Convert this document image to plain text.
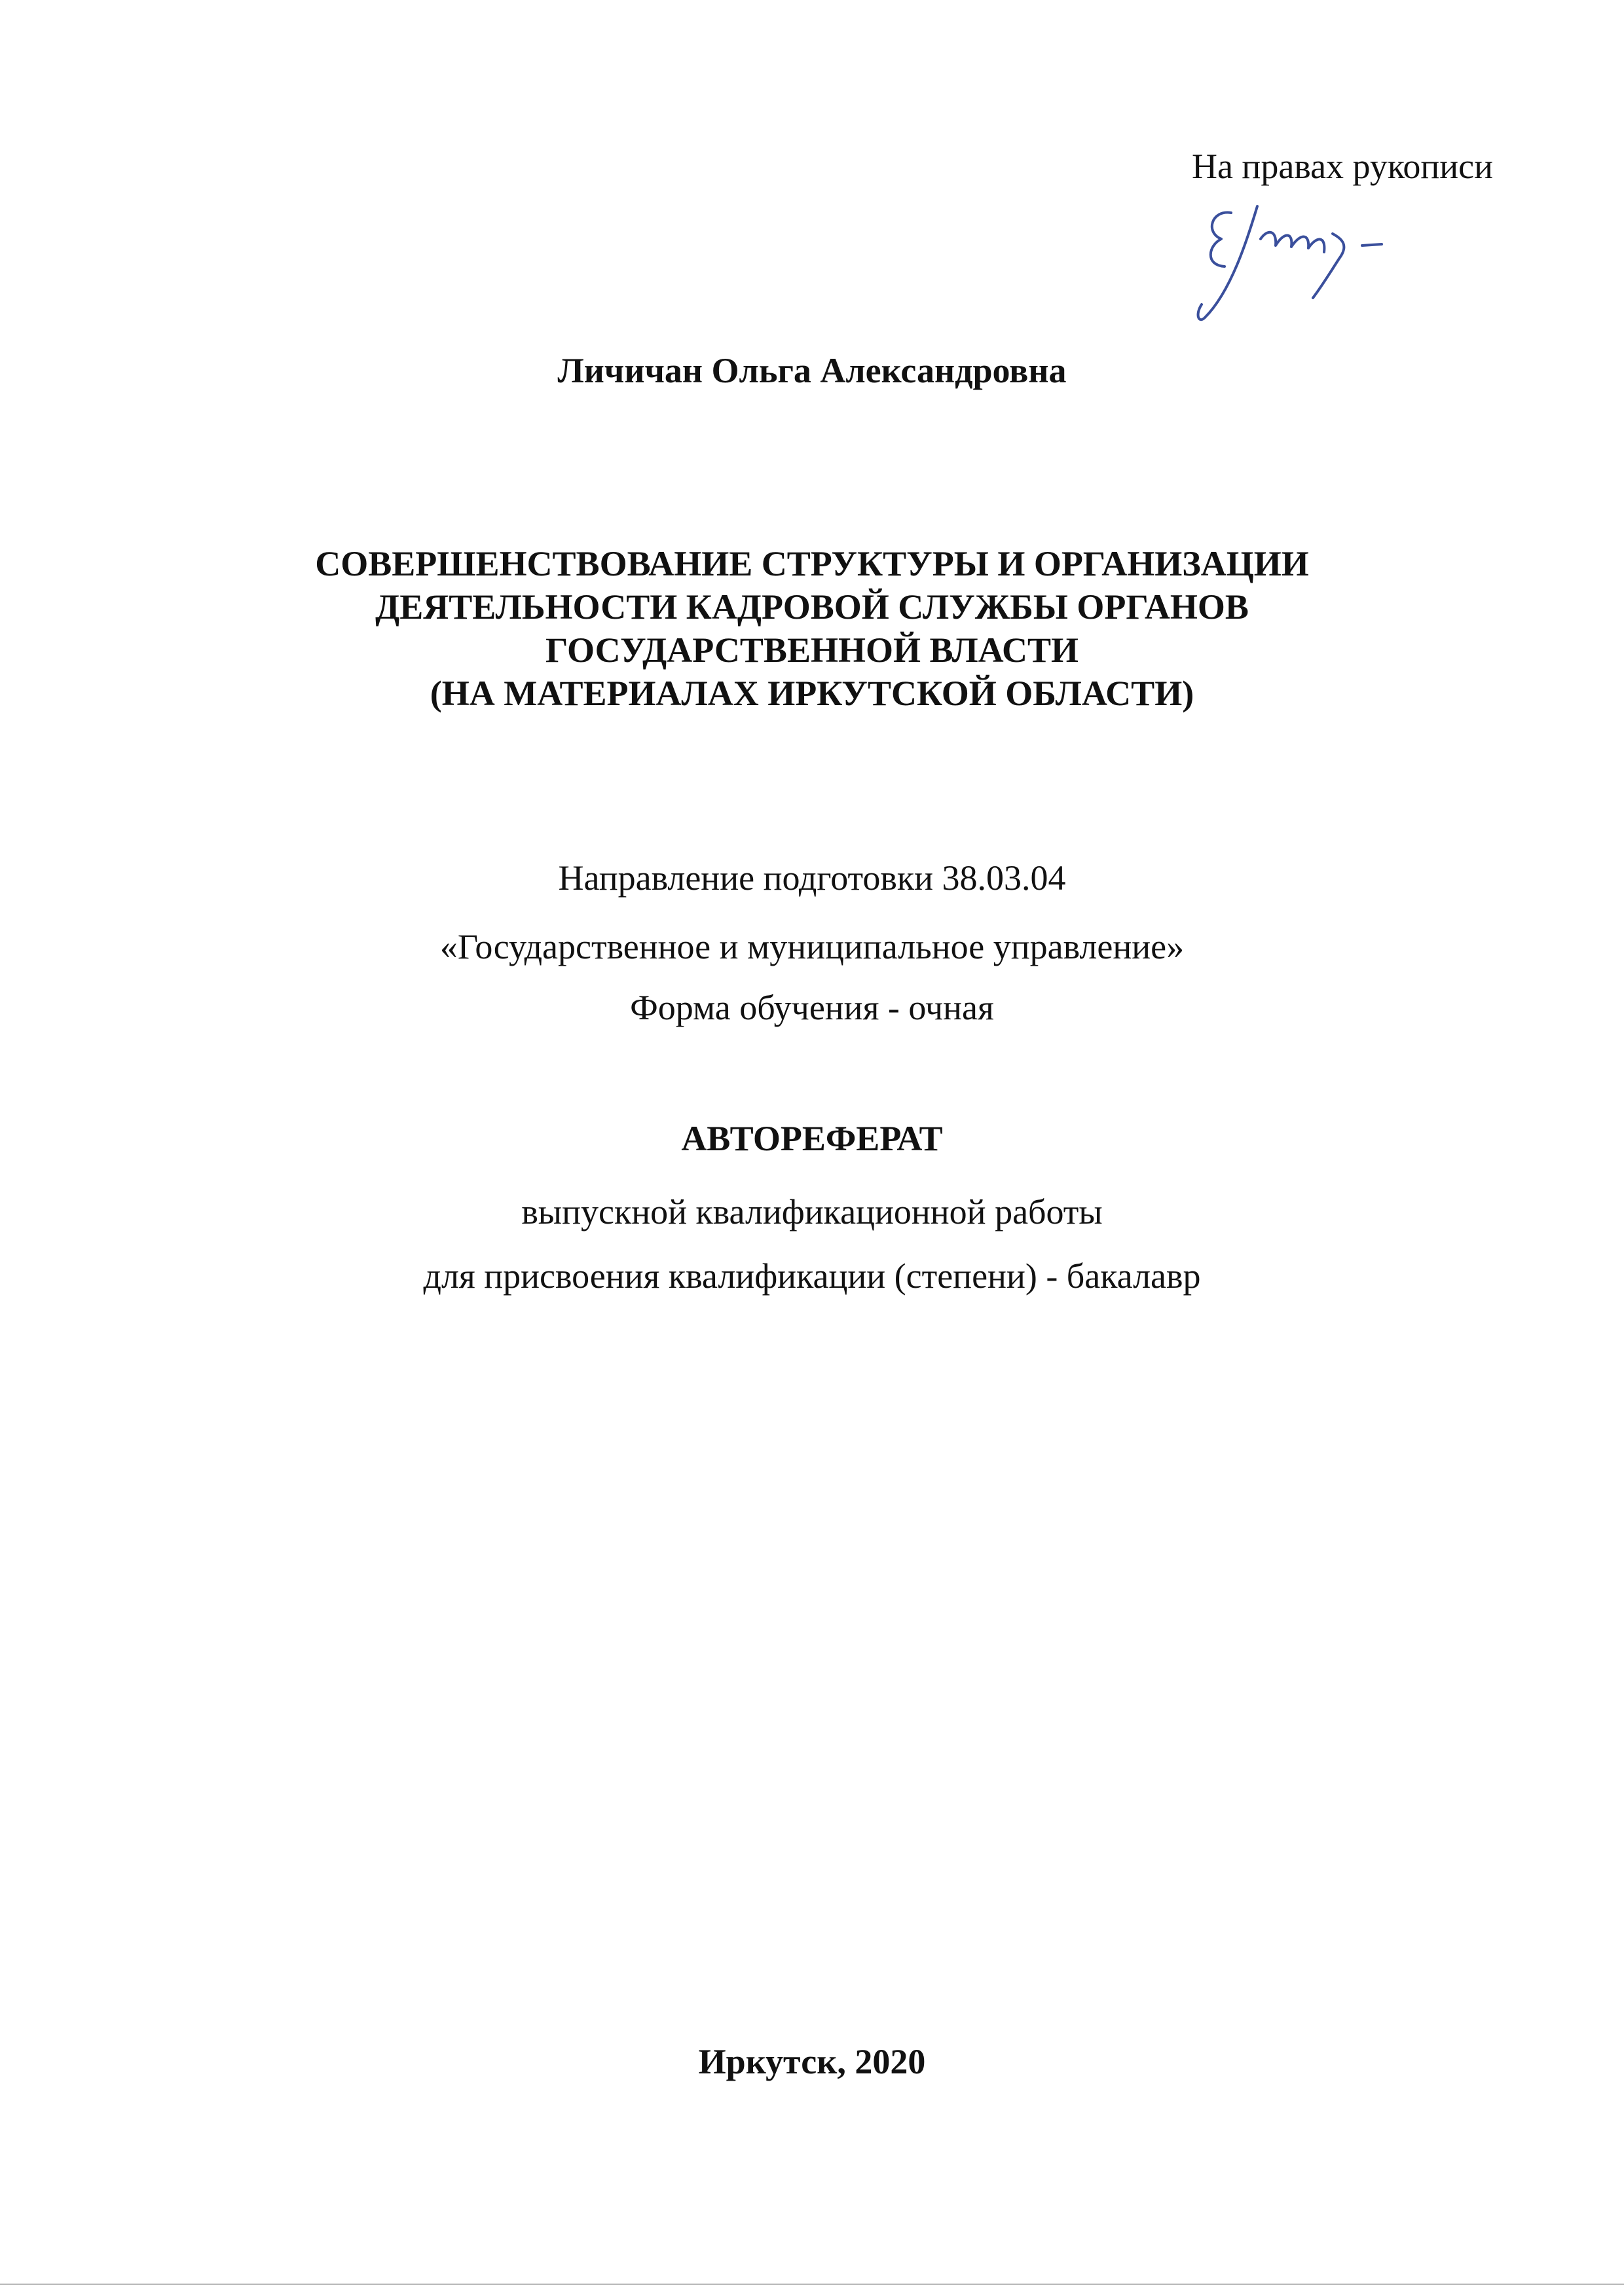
На правах рукописи
Личичан Ольга Александровна
СОВЕРШЕНСТВОВАНИЕ СТРУКТУРЫ И ОРГАНИЗАЦИИ
ДЕЯТЕЛЬНОСТИ КАДРОВОЙ СЛУЖБЫ ОРГАНОВ
ГОСУДАРСТВЕННОЙ ВЛАСТИ
(НА МАТЕРИАЛАХ ИРКУТСКОЙ ОБЛАСТИ)
Направление подготовки 38.03.04
«Государственное и муниципальное управление»
Форма обучения - очная
АВТОРЕФЕРАТ
выпускной квалификационной работы
для присвоения квалификации (степени) - бакалавр
Иркутск, 2020
